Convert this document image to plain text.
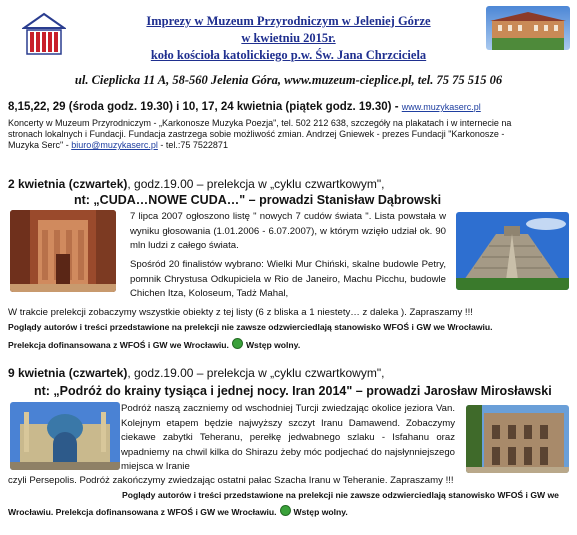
Imprezy w Muzeum Przyrodniczym w Jeleniej Górze
w kwietniu 2015r.
koło kościoła katolickiego p.w. Św. Jana Chrzciciela
ul. Cieplicka 11 A, 58-560 Jelenia Góra, www.muzeum-cieplice.pl, tel. 75 75 515 06
8,15,22, 29 (środa godz. 19.30) i 10, 17, 24 kwietnia (piątek godz. 19.30) - www.muzykaserc.pl
Koncerty w Muzeum Przyrodniczym - „Karkonosze Muzyka Poezja", tel. 502 212 638, szczegóły na plakatach i w internecie na
stronach lokalnych i Fundacji. Fundacja zastrzega sobie możliwość zmian. Andrzej Gniewek - prezes Fundacji "Karkonosze -
Muzyka Serc" - biuro@muzykaserc.pl - tel.:75 7522871
2 kwietnia (czwartek), godz.19.00 – prelekcja w „cyklu czwartkowym",
nt: „CUDA…NOWE CUDA…" – prowadzi Stanisław Dąbrowski
7 lipca 2007 ogłoszono listę " nowych 7 cudów świata ". Lista powstała w wyniku głosowania (1.01.2006 - 6.07.2007), w którym wzięło udział ok. 90 mln ludzi z całego świata.
Spośród 20 finalistów wybrano: Wielki Mur Chiński, skalne budowle Petry, pomnik Chrystusa Odkupiciela w Rio de Janeiro, Machu Picchu, budowle Chichen Itza, Koloseum, Tadż Mahal,
W trakcie prelekcji zobaczymy wszystkie obiekty z tej listy (6 z bliska a 1 niestety… z daleka ). Zapraszamy !!!
Poglądy autorów i treści przedstawione na prelekcji nie zawsze odzwierciedlają stanowisko WFOŚ i GW we Wrocławiu.
Prelekcja dofinansowana z WFOŚ i GW we Wrocławiu. Wstęp wolny.
9 kwietnia (czwartek), godz.19.00 – prelekcja w „cyklu czwartkowym",
nt: „Podróż do krainy tysiąca i jednej nocy. Iran 2014" – prowadzi Jarosław Mirosławski
Podróż naszą zaczniemy od wschodniej Turcji zwiedzając okolice jeziora Van. Kolejnym etapem będzie najwyższy szczyt Iranu Damawend. Zobaczymy ciekawe zabytki Teheranu, perełkę jedwabnego szlaku - Isfahanu oraz wpadniemy na chwil kilka do Shirazu żeby móc podjechać do najsłynniejszego miejsca w Iranie
czyli Persepolis. Podróż zakończymy zwiedzając ostatni pałac Szacha Iranu w Teheranie. Zapraszamy !!!
Poglądy autorów i treści przedstawione na prelekcji nie zawsze odzwierciedlają stanowisko WFOŚ i GW we
Wrocławiu. Prelekcja dofinansowana z WFOŚ i GW we Wrocławiu. Wstęp wolny.
